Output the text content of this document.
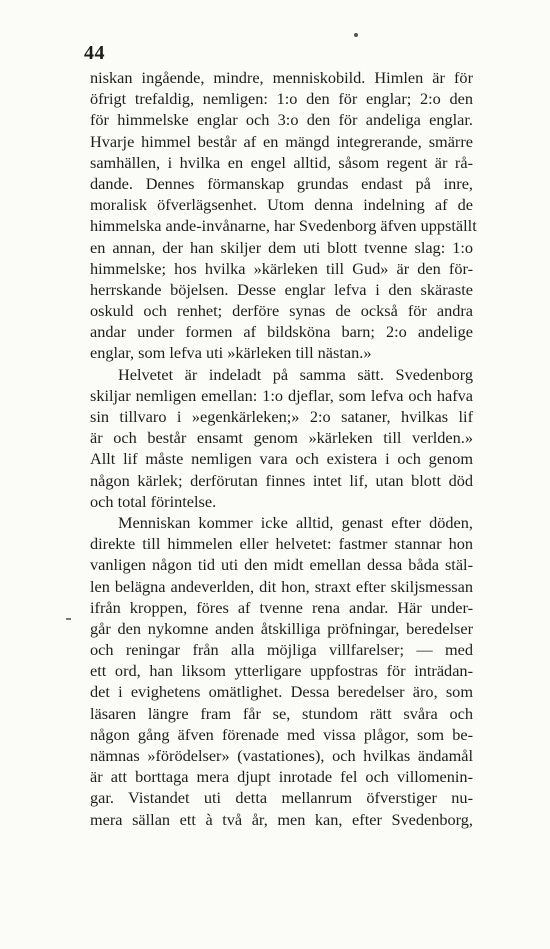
44
niskan ingående, mindre, menniskobild. Himlen är för
öfrigt trefaldig, nemligen: 1:o den för englar; 2:o den
för himmelske englar och 3:o den för andeliga englar.
Hvarje himmel består af en mängd integrerande, smärre
samhällen, i hvilka en engel alltid, såsom regent är rå-
dande. Dennes förmanskap grundas endast på inre,
moralisk öfverlägsenhet. Utom denna indelning af de
himmelska ande-invånarne, har Svedenborg äfven uppställt
en annan, der han skiljer dem uti blott tvenne slag: 1:o
himmelske; hos hvilka »kärleken till Gud» är den för-
herrskande böjelsen. Desse englar lefva i den skäraste
oskuld och renhet; derföre synas de också för andra
andar under formen af bildsköna barn; 2:o andelige
englar, som lefva uti »kärleken till nästan.»
Helvetet är indeladt på samma sätt. Svedenborg
skiljar nemligen emellan: 1:o djeflar, som lefva och hafva
sin tillvaro i »egenkärleken;» 2:o sataner, hvilkas lif
är och består ensamt genom »kärleken till verlden.»
Allt lif måste nemligen vara och existera i och genom
någon kärlek; derförutan finnes intet lif, utan blott död
och total förintelse.
Menniskan kommer icke alltid, genast efter döden,
direkte till himmelen eller helvetet: fastmer stannar hon
vanligen någon tid uti den midt emellan dessa båda stäl-
len belägna andeverlden, dit hon, straxt efter skiljsmessan
ifrån kroppen, föres af tvenne rena andar. Här under-
går den nykomne anden åtskilliga pröfningar, beredelser
och reningar från alla möjliga villfarelser; — med
ett ord, han liksom ytterligare uppfostras för inträdan-
det i evighetens omätlighet. Dessa beredelser äro, som
läsaren längre fram får se, stundom rätt svåra och
någon gång äfven förenade med vissa plågor, som be-
nämnas »förödelser» (vastationes), och hvilkas ändamål
är att borttaga mera djupt inrotade fel och villomenin-
gar. Vistandet uti detta mellanrum öfverstiger nu-
mera sällan ett à två år, men kan, efter Svedenborg,
